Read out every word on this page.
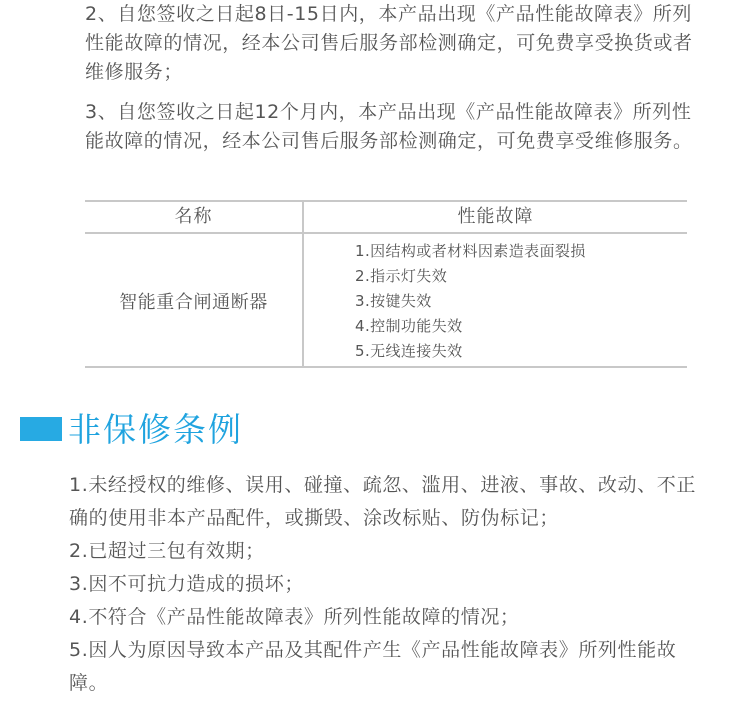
2、自您签收之日起8日-15日内，本产品出现《产品性能故障表》所列性能故障的情况，经本公司售后服务部检测确定，可免费享受换货或者维修服务；

3、自您签收之日起12个月内，本产品出现《产品性能故障表》所列性能故障的情况，经本公司售后服务部检测确定，可免费享受维修服务。

名称	性能故障
智能重合闸通断器
1.因结构或者材料因素造表面裂损
2.指示灯失效
3.按键失效
4.控制功能失效
5.无线连接失效
非保修条例
1.未经授权的维修、误用、碰撞、疏忽、滥用、进液、事故、改动、不正确的使用非本产品配件，或撕毁、涂改标贴、防伪标记；
2.已超过三包有效期；
3.因不可抗力造成的损坏；
4.不符合《产品性能故障表》所列性能故障的情况；
5.因人为原因导致本产品及其配件产生《产品性能故障表》所列性能故障。
